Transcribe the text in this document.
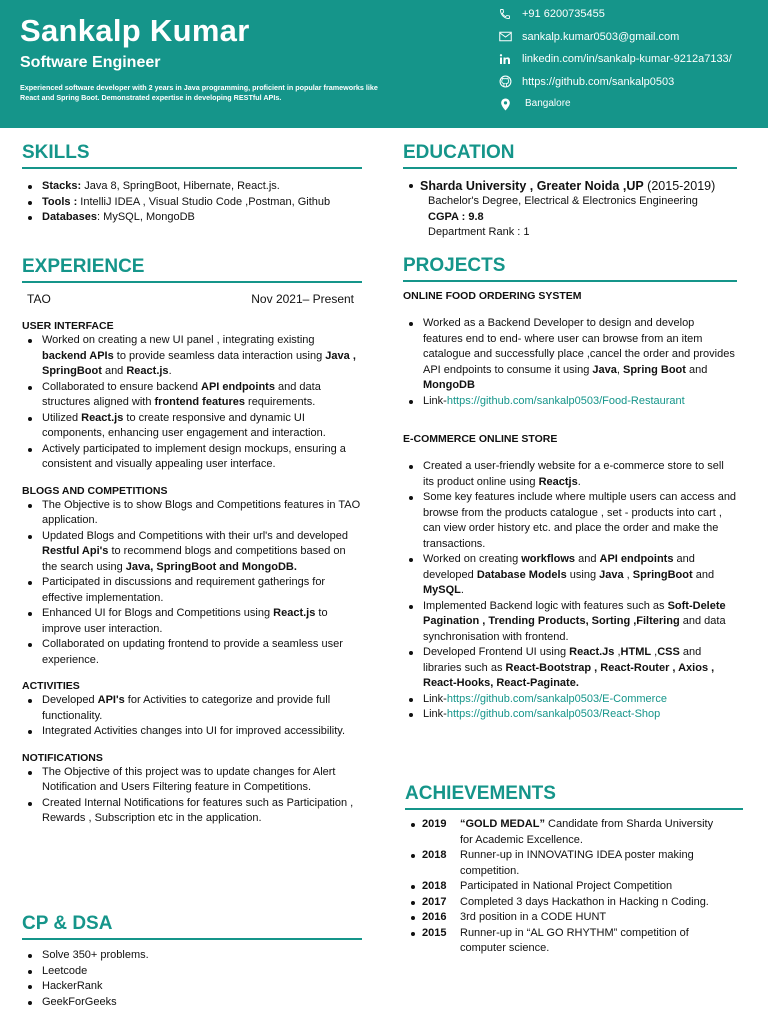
Sankalp Kumar
Software Engineer
Experienced software developer with 2 years in Java programming, proficient in popular frameworks like React and Spring Boot. Demonstrated expertise in developing RESTful APIs.
+91 6200735455
sankalp.kumar0503@gmail.com
linkedin.com/in/sankalp-kumar-9212a7133/
https://github.com/sankalp0503
Bangalore
SKILLS
Stacks: Java 8, SpringBoot, Hibernate, React.js.
Tools : IntelliJ IDEA , Visual Studio Code ,Postman, Github
Databases: MySQL, MongoDB
EXPERIENCE
TAO	Nov 2021– Present
USER INTERFACE
Worked on creating a new UI panel , integrating existing backend APIs to provide seamless data interaction using Java , SpringBoot and React.js.
Collaborated to ensure backend API endpoints and data structures aligned with frontend features requirements.
Utilized React.js to create responsive and dynamic UI components, enhancing user engagement and interaction.
Actively participated to implement design mockups, ensuring a consistent and visually appealing user interface.
BLOGS AND COMPETITIONS
The Objective is to show Blogs and Competitions features in TAO application.
Updated Blogs and Competitions with their url's and developed Restful Api's to recommend blogs and competitions based on the search using Java, SpringBoot and MongoDB.
Participated in discussions and requirement gatherings for effective implementation.
Enhanced UI for Blogs and Competitions using React.js to improve user interaction.
Collaborated on updating frontend to provide a seamless user experience.
ACTIVITIES
Developed API's for Activities to categorize and provide full functionality.
Integrated Activities changes into UI for improved accessibility.
NOTIFICATIONS
The Objective of this project was to update changes for Alert Notification and Users Filtering feature in Competitions.
Created Internal Notifications for features such as Participation , Rewards , Subscription etc in the application.
CP & DSA
Solve 350+ problems.
Leetcode
HackerRank
GeekForGeeks
EDUCATION
Sharda University , Greater Noida ,UP (2015-2019)
Bachelor's Degree, Electrical & Electronics Engineering
CGPA : 9.8
Department Rank : 1
PROJECTS
ONLINE FOOD ORDERING SYSTEM
Worked as a Backend Developer to design and develop features end to end- where user can browse from an item catalogue and successfully place ,cancel the order and provides API endpoints to consume it using Java, Spring Boot and MongoDB
Link-https://github.com/sankalp0503/Food-Restaurant
E-COMMERCE ONLINE STORE
Created a user-friendly website for a e-commerce store to sell its product online using Reactjs.
Some key features include where multiple users can access and browse from the products catalogue , set - products into cart , can view order history etc. and place the order and make the transactions.
Worked on creating workflows and API endpoints and developed Database Models using Java , SpringBoot and MySQL.
Implemented Backend logic with features such as Soft-Delete Pagination , Trending Products, Sorting ,Filtering and data synchronisation with frontend.
Developed Frontend UI using React.Js ,HTML ,CSS and libraries such as React-Bootstrap , React-Router , Axios , React-Hooks, React-Paginate.
Link-https://github.com/sankalp0503/E-Commerce
Link-https://github.com/sankalp0503/React-Shop
ACHIEVEMENTS
2019 “GOLD MEDAL” Candidate from Sharda University for Academic Excellence.
2018 Runner-up in INNOVATING IDEA poster making competition.
2018 Participated in National Project Competition
2017 Completed 3 days Hackathon in Hacking n Coding.
2016 3rd position in a CODE HUNT
2015 Runner-up in “AL GO RHYTHM” competition of computer science.
